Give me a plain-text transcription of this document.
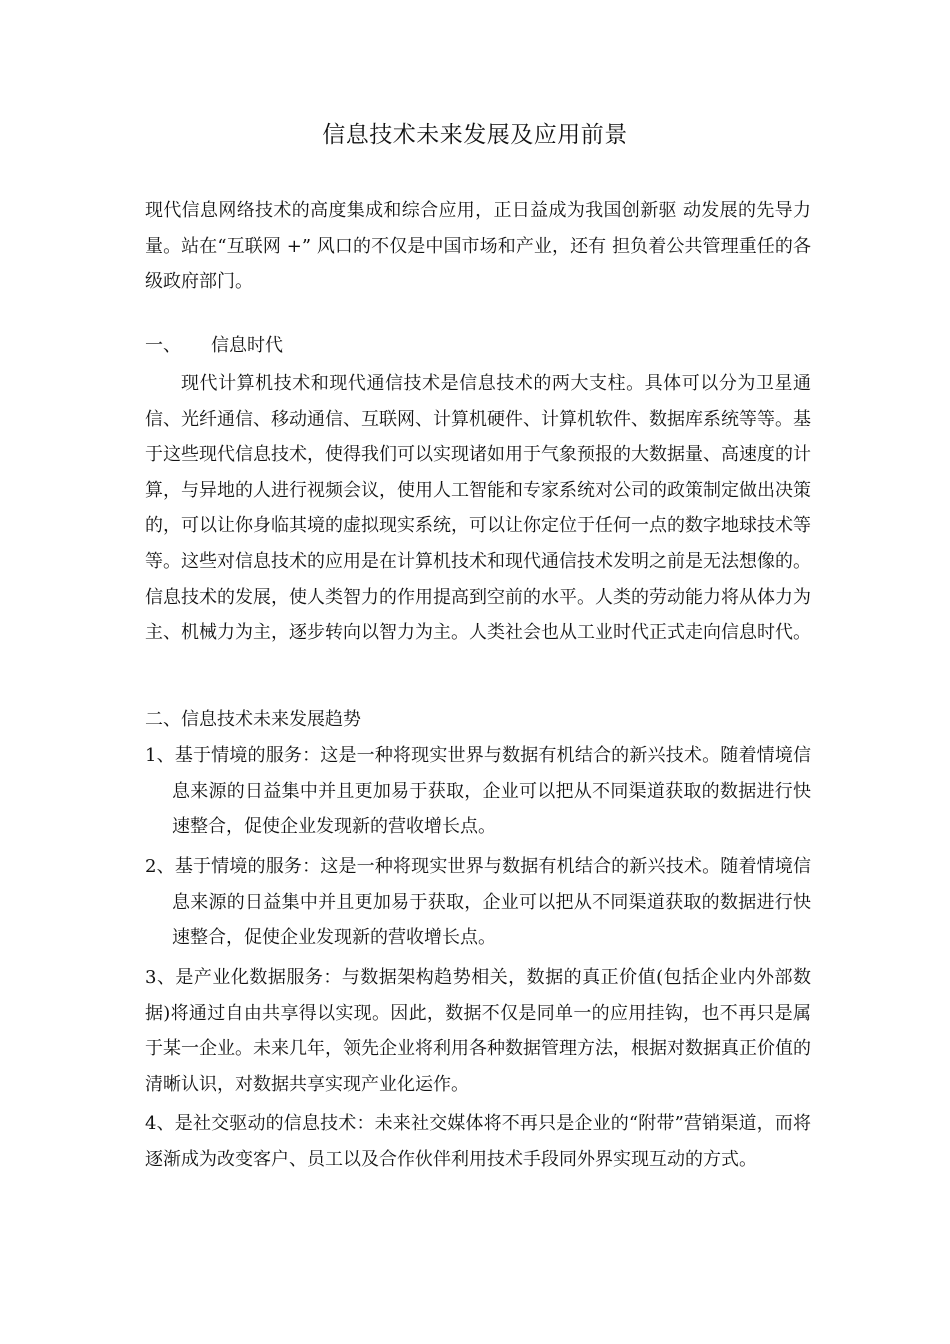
信息技术未来发展及应用前景

现代信息网络技术的高度集成和综合应用，正日益成为我国创新驱 动发展的先导力量。站在“互联网 +” 风口的不仅是中国市场和产业，还有 担负着公共管理重任的各级政府部门。

一、 信息时代

现代计算机技术和现代通信技术是信息技术的两大支柱。具体可以分为卫星通信、光纤通信、移动通信、互联网、计算机硬件、计算机软件、数据库系统等等。基于这些现代信息技术，使得我们可以实现诸如用于气象预报的大数据量、高速度的计算，与异地的人进行视频会议，使用人工智能和专家系统对公司的政策制定做出决策的，可以让你身临其境的虚拟现实系统，可以让你定位于任何一点的数字地球技术等等。这些对信息技术的应用是在计算机技术和现代通信技术发明之前是无法想像的。信息技术的发展，使人类智力的作用提高到空前的水平。人类的劳动能力将从体力为主、机械力为主，逐步转向以智力为主。人类社会也从工业时代正式走向信息时代。

二、信息技术未来发展趋势

1、基于情境的服务：这是一种将现实世界与数据有机结合的新兴技术。随着情境信息来源的日益集中并且更加易于获取，企业可以把从不同渠道获取的数据进行快速整合，促使企业发现新的营收增长点。

2、基于情境的服务：这是一种将现实世界与数据有机结合的新兴技术。随着情境信息来源的日益集中并且更加易于获取，企业可以把从不同渠道获取的数据进行快速整合，促使企业发现新的营收增长点。

3、是产业化数据服务：与数据架构趋势相关，数据的真正价值(包括企业内外部数据)将通过自由共享得以实现。因此，数据不仅是同单一的应用挂钩，也不再只是属于某一企业。未来几年，领先企业将利用各种数据管理方法，根据对数据真正价值的清晰认识，对数据共享实现产业化运作。

4、是社交驱动的信息技术：未来社交媒体将不再只是企业的“附带”营销渠道，而将逐渐成为改变客户、员工以及合作伙伴利用技术手段同外界实现互动的方式。
